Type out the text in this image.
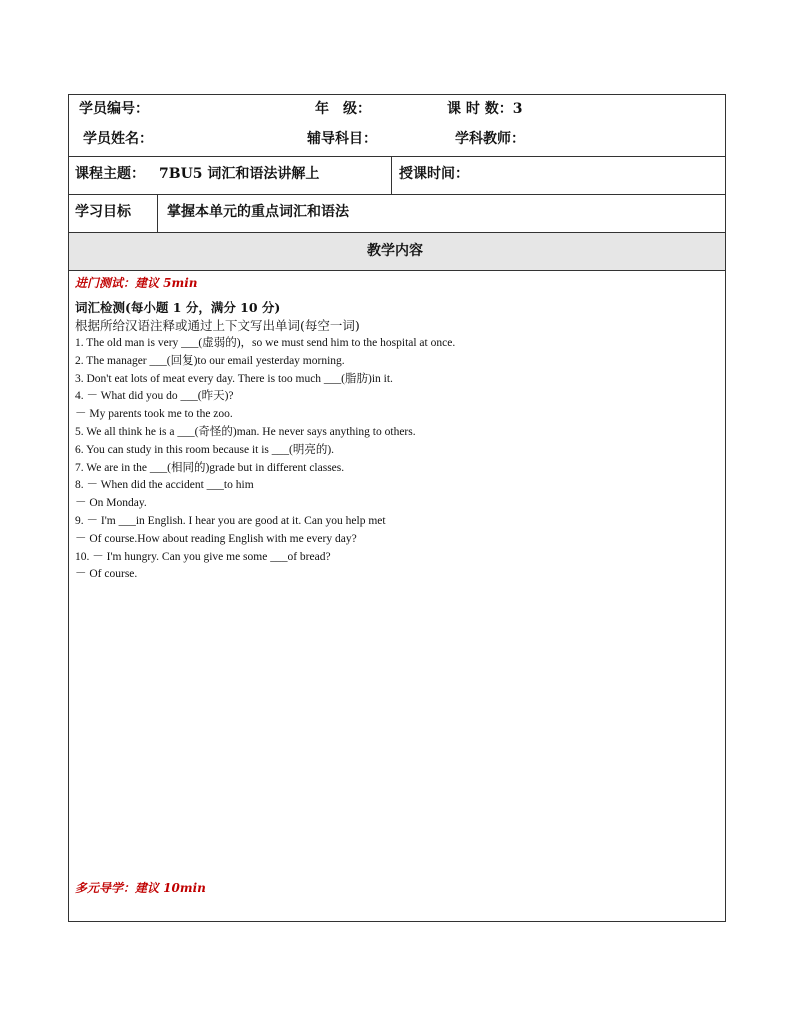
学员编号：	年　级：	课 时 数：3
学员姓名：	辅导科目：	学科教师：
课程主题： 7BU5 词汇和语法讲解上	授课时间：
学习目标	掌握本单元的重点词汇和语法
教学内容
进门测试：建议 5min
词汇检测(每小题 1 分，满分 10 分)
根据所给汉语注释或通过上下文写出单词(每空一词)
1. The old man is very ___(虚弱的)，so we must send him to the hospital at once.
2. The manager ___(回复)to our email yesterday morning.
3. Don't eat lots of meat every day. There is too much ___(脂肪)in it.
4. － What did you do ___(昨天)?
－ My parents took me to the zoo.
5. We all think he is a ___(奇怪的)man. He never says anything to others.
6. You can study in this room because it is ___(明亮的).
7. We are in the ___(相同的)grade but in different classes.
8. － When did the accident ___to him
－ On Monday.
9. － I'm ___in English. I hear you are good at it. Can you help met
－ Of course.How about reading English with me every day?
10. － I'm hungry. Can you give me some ___of bread?
－ Of course.
多元导学：建议 10min
